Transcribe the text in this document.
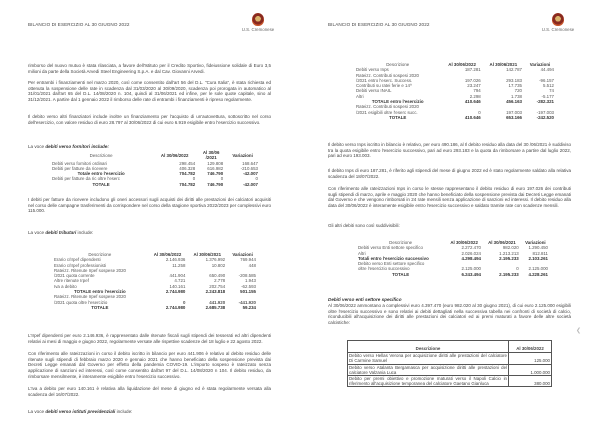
BILANCIO DI ESERCIZIO AL 30 GIUGNO 2022
U.S. Cremonese
rimborso del nuovo mutuo è stata rilasciata, a favore dell'Istituto per il Credito Sportivo, fideiussione solidale di Euro 3,5 milioni da parte della Società Arvedi Steel Engineering S.p.A. e dal Cav. Giovanni Arvedi.
Per entrambi i finanziamenti nel marzo 2020, così come consentito dall'art 56 del D.L. "Cura Italia", è stata richiesta ed ottenuta la sospensione delle rate in scadenza dal 31/03/2020 al 30/09/2020, scadenza poi prorogata in automatico al 31/01/2021 dall'art 65 del D.L. 14/08/2020 n. 104, quindi al 31/06/2021 ed infine, per le sole quote capitale, sino al 31/12/2021. A partire dal 1 gennaio 2022 il rimborso delle rate di entrambi i finanziamenti è ripreso regolarmente.
Il debito verso altri finanziatori include inoltre un finanziamento per l'acquisto di un'autovettura, sottoscritto nel corso dell'esercizio, con valore residuo di euro 28.797 al 30/06/2022 di cui euro 6.919 esigibile entro l'esercizio successivo.
La voce debiti verso fornitori include:
Descrizione	Al 30/06/2022	Al 30/06 /2021	Variazioni
Debiti verso fornitori ordinari	298.454	129.808	168.647
Debiti per fatture da ricevere	406.328	616.982	-210.653
Totale entro l'esercizio	704.782	746.790	-42.007
Debiti per fatture da ric oltre l'eserc	0	0	0
TOTALE	704.782	746.790	-42.007
I debiti per fatture da ricevere includono gli oneri accessori sugli acquisti dei diritti alle prestazioni dei calciatori acquisiti nel corso delle campagne trasferimenti da corrispondere nel corso della stagione sportiva 2022/2023 per complessivi euro 115.000.
La voce debiti tributari include:
Descrizione	Al 30/06/2022	Al 30/06/2021	Variazioni
Erario c/Irpef dipendenti	2.146.936	1.376.992	769.944
Erario c/Irpef professionisti	11.258	10.802	448
Rateizz. Ritenute Irpef sospese 2020			
/2021 quota corrente	441.904	650.490	-208.585
Altre ritenute Irpef	4.721	2.778	1.943
Iva a debito	140.161	202.754	-62.593
TOTALE entro l'esercizio	2.744.980	2.243.818	501.155
Rateizz. Ritenute Irpef sospese 2020			
/2021 quota oltre l'esercizio	0	441.920	-441.920
TOTALE	2.744.980	2.685.738	59.234
L'Irpef dipendenti per euro 2.146.936, è rappresentato dalle ritenute fiscali sugli stipendi dei tesserati ed altri dipendenti relativi ai mesi di maggio e giugno 2022, regolarmente versate alle rispettive scadenze del 18 luglio e 22 agosto 2022.
Con riferimento alle rateizzazioni in corso il debito iscritto in bilancio per euro 441.906 è relativo al debito residuo delle ritenute sugli stipendi di febbraio marzo 2020 e gennaio 2021 che hanno beneficiato della sospensione prevista dai Decreti Legge emanati dal Governo per effetto della pandemia COVID-19. L'importo sospeso è rateizzato senza applicazione di sanzioni ed interessi, così come consentito dall'art 97 del D.L. 14/08/2020 n 104. Il debito residuo, da rimborsare mensilmente, è interamente esigibile entro l'esercizio successivo.
L'Iva a debito per euro 140.161 è relativa alla liquidazione del mese di giugno ed è stata regolarmente versata alla scadenza del 16/07/2022.
La voce debiti verso istituti previdenziali include:
BILANCIO DI ESERCIZIO AL 30 GIUGNO 2022
U.S. Cremonese
Descrizione	Al 30/06/2022	Al 30/06/2021	Variazioni
Debiti verso Inps	187.281	142.787	44.494
Rateizz. Contributi sospesi 2020			
/2021 entro l'eserc. Success.	197.026	293.183	-96.157
Contributi su ratei ferie e 14^	23.247	17.735	5.512
Debiti verso INAIL	794	720	74
Altri	2.298	1.738	-5.177
TOTALE entro l'esercizio	410.646	456.163	-282.321
Rateizz. Contributi sospesi 2020			
/2021 esigibili oltre l'eserc succ.	0	197.003	-197.003
TOTALE	410.646	653.166	-242.520
Il debito verso Inps iscritto in bilancio è relativo, per euro 490.186, al Il debito residuo alla data del 30 /06/2021 è suddiviso tra la quota esigibile entro l'esercizio successivo, pari ad euro 293.183 e la quota da rimborsare a partire dal luglio 2022, pari ad euro 193.003.
Il debito Inps di euro 187.281, è riferito agli stipendi del mese di giugno 2022 ed è stato regolarmente saldato alla relativa scadenza del 18/07/2022.
Con riferimento alle rateizzazioni Inps in corso le stesse rappresentano il debito residuo di euro 197.026 dei contributi sugli stipendi di marzo, aprile e maggio 2020 che hanno beneficiato della sospensione prevista dai Decreti Legge emanati dal Governo e che vengono rimborsati in 24 rate mensili senza applicazione di sanzioni ed interessi. Il debito residuo alla data del 30/06/2022 è interamente esigibile entro l'esercizio successivo e saldato tramite rate con scadenze mensili.
Gli altri debiti sono così suddivisibili:
Descrizione	Al 30/06/2022	Al 30/06/2021	Variazioni
Debiti verso Enti settore specifico	2.272.470	982.020	1.290.450
Altri	2.026.024	1.213.213	812.811
Totali entro l'esercizio successivo	4.298.494	2.195.233	2.103.261
Debito verso Enti settore specifico			
oltre l'esercizio successivo	2.125.000	0	2.125.000
TOTALE	6.243.494	2.195.233	4.228.261
Debiti verso enti settore specifico
Al 30/06/2022 ammontano a complessivi euro 4.397.470 (euro 982.020 al 30 giugno 2021), di cui euro 2.125.000 esigibili oltre l'esercizio successivo e sono relativi ai debiti dettagliati nella successiva tabella nei confronti di società di calcio, riconducibili all'acquisizione dei diritti alle prestazioni dei calciatori ed ai premi maturati a favore delle altre società calcistiche:
Descrizione	Al 30/06/2022
Debito verso Hellas Verona per acquisizione diritti alle prestazioni del calciatore Di Carmine Samuel	125.000
Debito verso Atalanta Bergamasca per acquisizione diritti alle prestazioni del calciatore Valzania Luca	1.000.000
Debito per premi obiettivo e promozione maturati verso il Napoli Calcio in riferimento all'acquisizione temporanea del calciatore Gaetano Gianluca	380.000
❮
